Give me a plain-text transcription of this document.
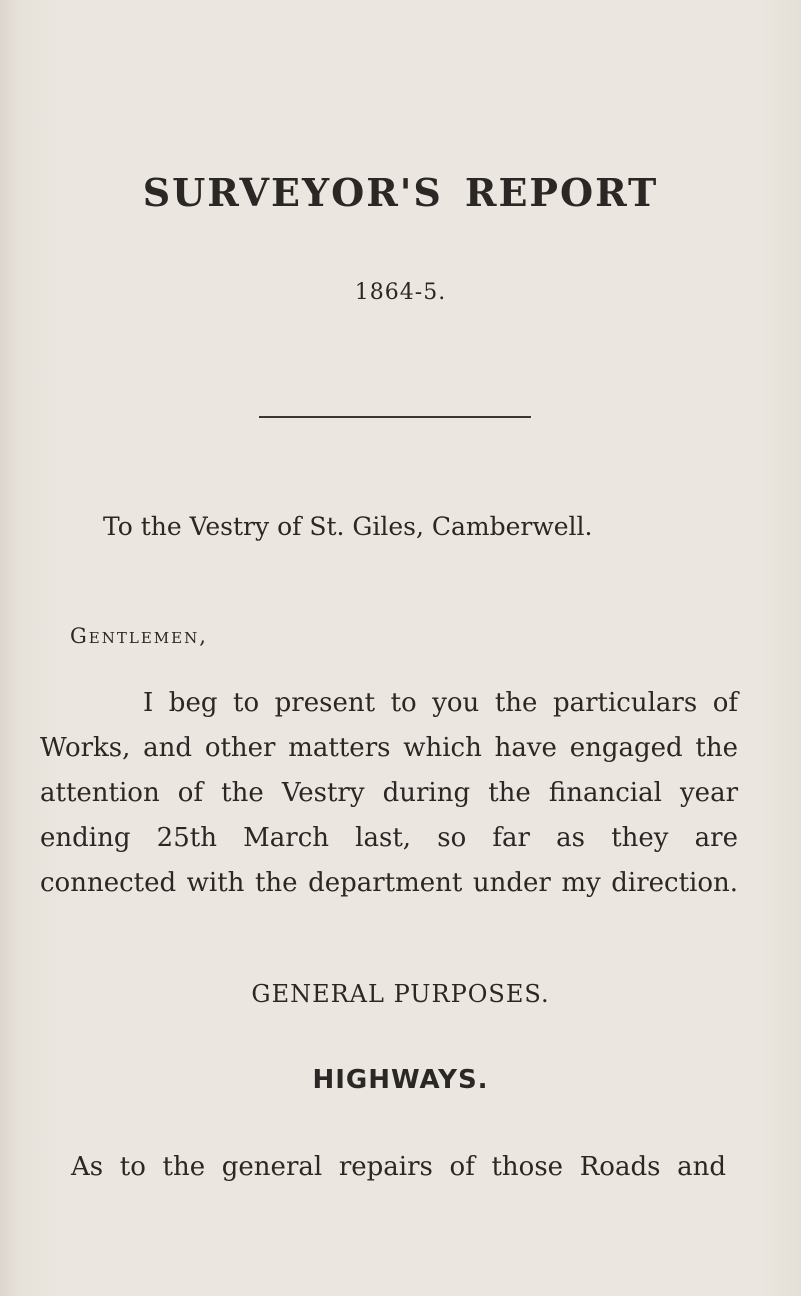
SURVEYOR'S REPORT
1864-5.
To the Vestry of St. Giles, Camberwell.
Gentlemen,
I beg to present to you the particulars of
Works, and other matters which have engaged the
attention of the Vestry during the financial year
ending 25th March last, so far as they are
connected with the department under my direction.
GENERAL PURPOSES.
HIGHWAYS.
As to the general repairs of those Roads and
